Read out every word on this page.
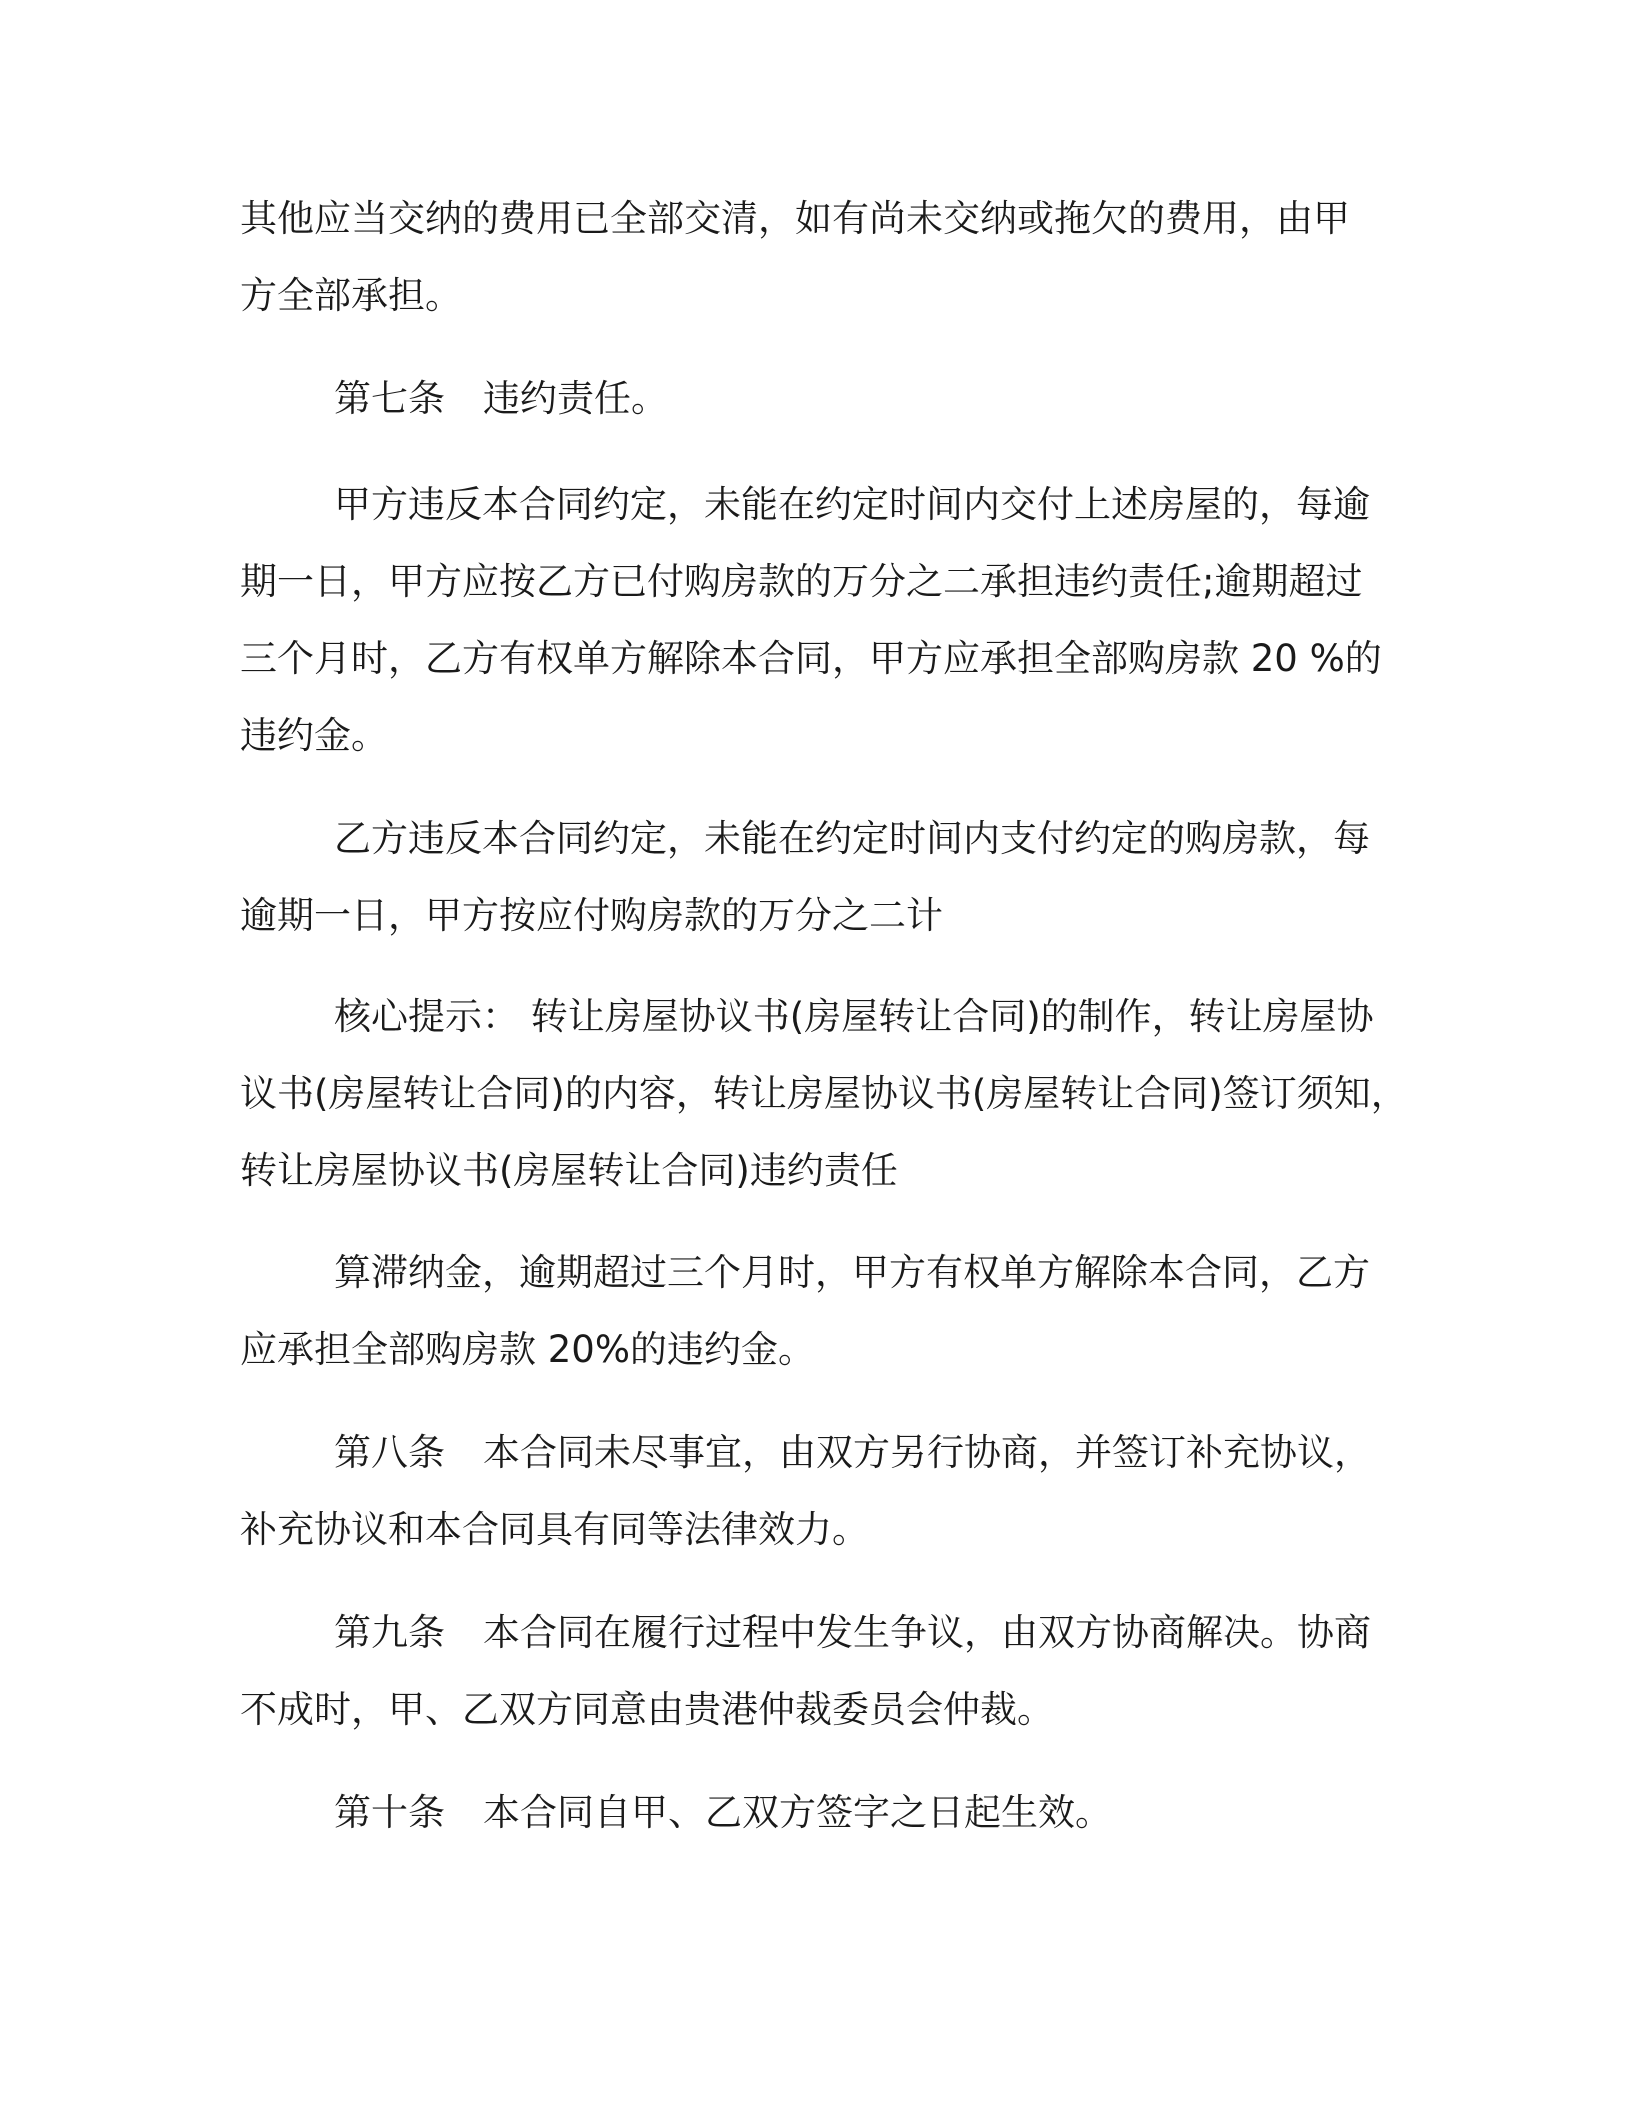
其他应当交纳的费用已全部交清，如有尚未交纳或拖欠的费用，由甲
方全部承担。
第七条 违约责任。
甲方违反本合同约定，未能在约定时间内交付上述房屋的，每逾
期一日，甲方应按乙方已付购房款的万分之二承担违约责任;逾期超过
三个月时，乙方有权单方解除本合同，甲方应承担全部购房款 20 %的
违约金。
乙方违反本合同约定，未能在约定时间内支付约定的购房款，每
逾期一日，甲方按应付购房款的万分之二计
核心提示： 转让房屋协议书(房屋转让合同)的制作，转让房屋协
议书(房屋转让合同)的内容，转让房屋协议书(房屋转让合同)签订须知，
转让房屋协议书(房屋转让合同)违约责任
算滞纳金，逾期超过三个月时，甲方有权单方解除本合同，乙方
应承担全部购房款 20%的违约金。
第八条 本合同未尽事宜，由双方另行协商，并签订补充协议，
补充协议和本合同具有同等法律效力。
第九条 本合同在履行过程中发生争议，由双方协商解决。协商
不成时，甲、乙双方同意由贵港仲裁委员会仲裁。
第十条 本合同自甲、乙双方签字之日起生效。
